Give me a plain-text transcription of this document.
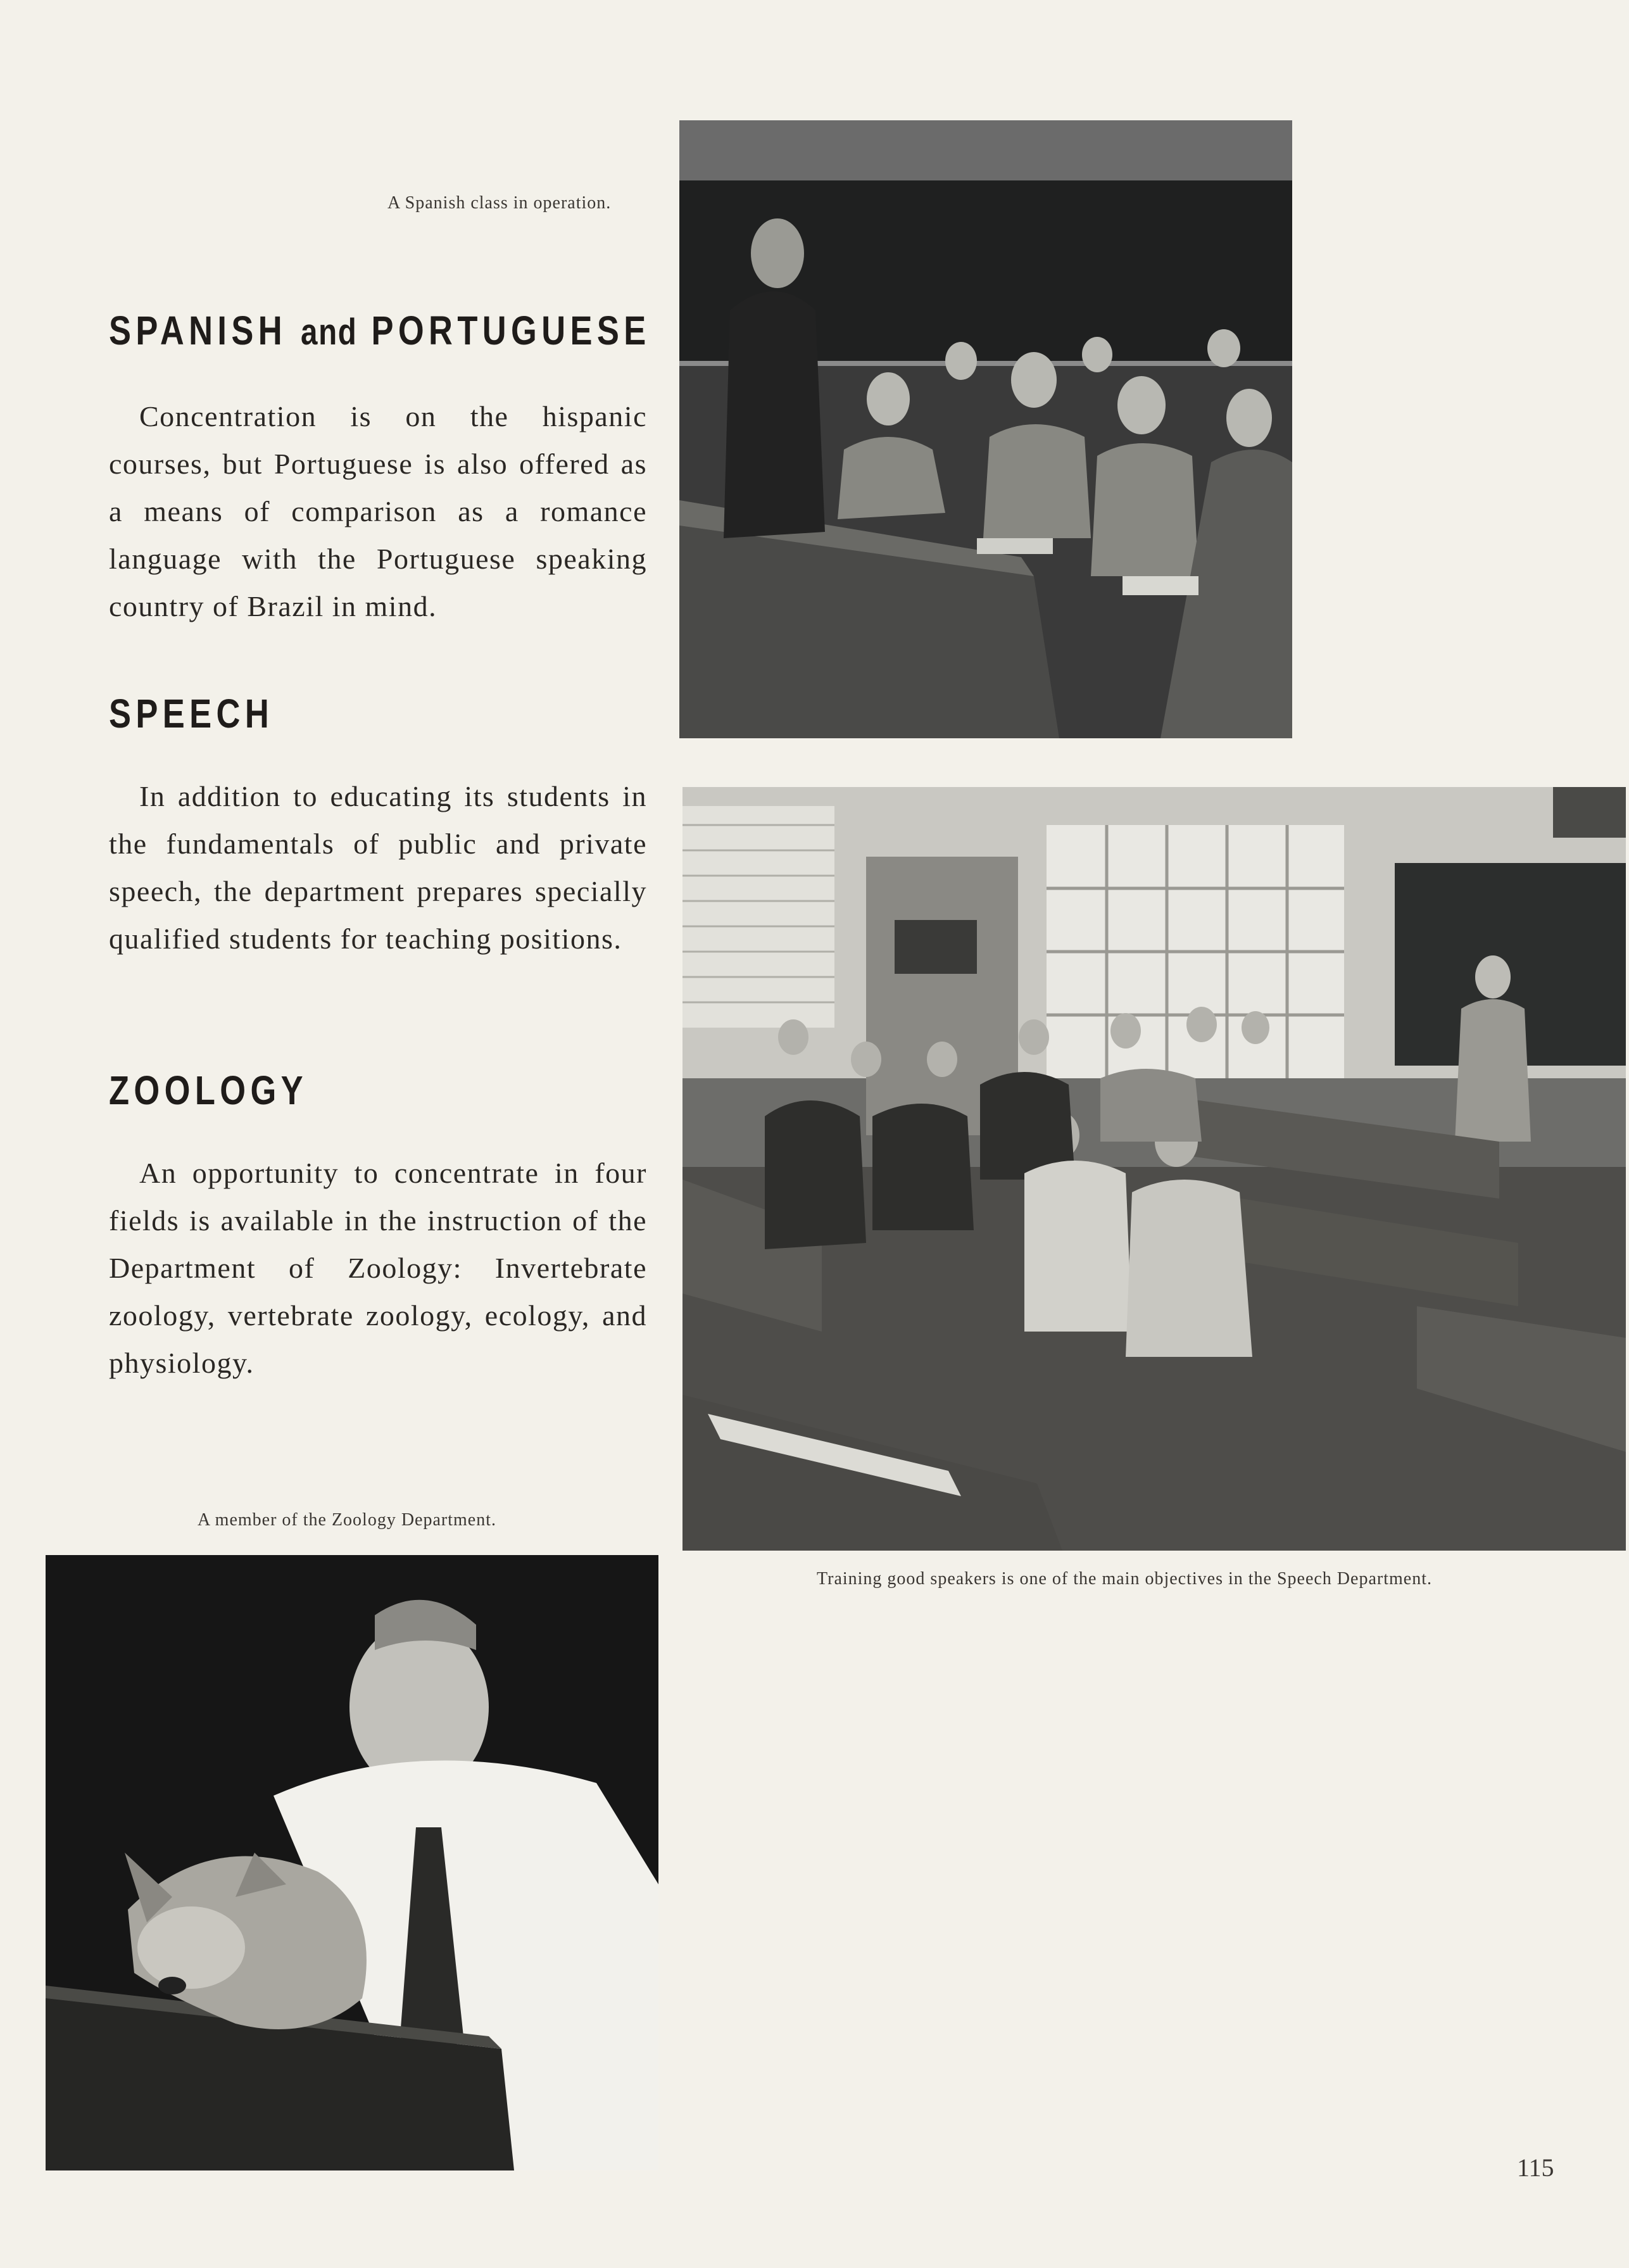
A Spanish class in operation.
SPANISH and PORTUGUESE
Concentration is on the hispanic courses, but Portuguese is also offered as a means of comparison as a romance language with the Portuguese speaking country of Brazil in mind.
SPEECH
In addition to educating its students in the fundamentals of public and private speech, the department prepares specially qualified students for teaching positions.
ZOOLOGY
An opportunity to concentrate in four fields is available in the instruction of the Department of Zoology: Invertebrate zoology, vertebrate zoology, ecology, and physiology.
A member of the Zoology Department.
Training good speakers is one of the main objectives in the Speech Department.
115
